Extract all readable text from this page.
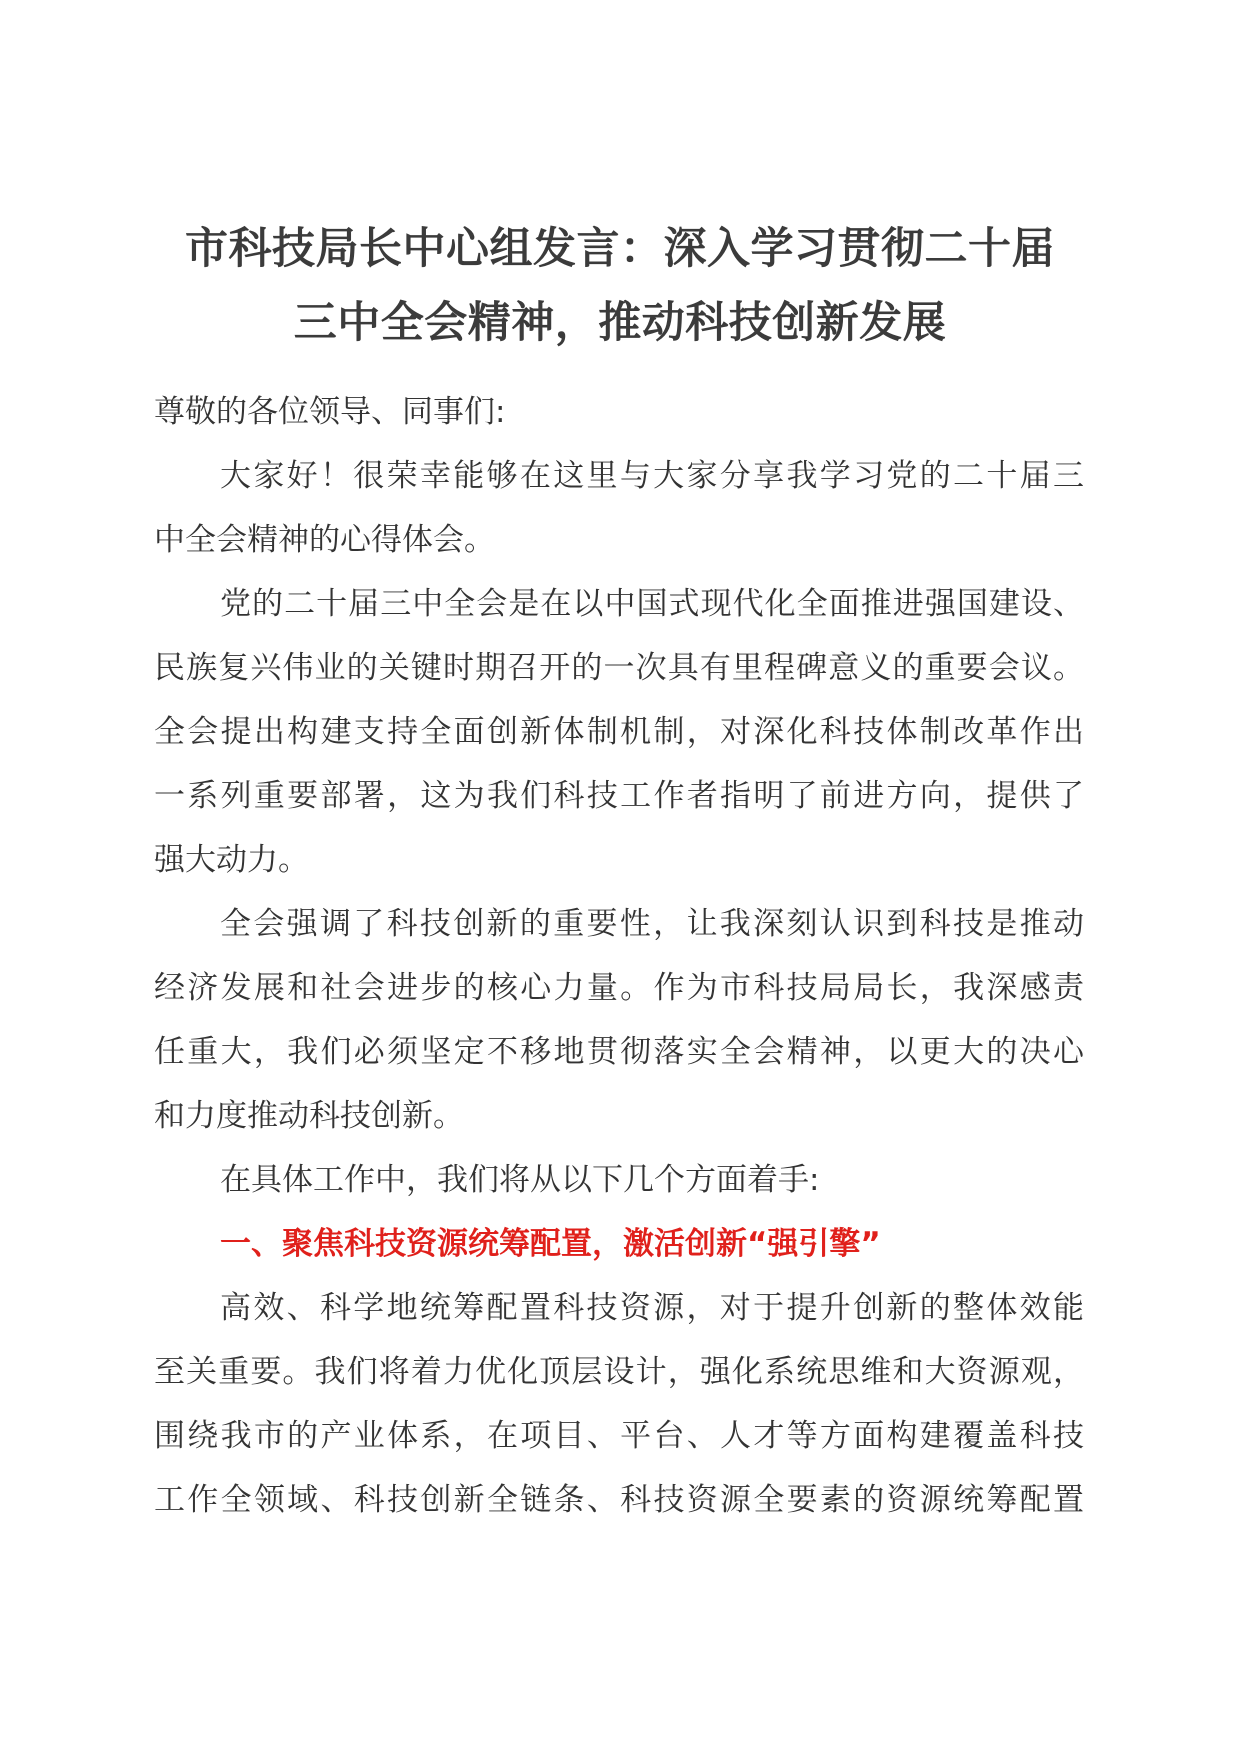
市科技局长中心组发言：深入学习贯彻二十届
三中全会精神，推动科技创新发展

尊敬的各位领导、同事们:

大家好！很荣幸能够在这里与大家分享我学习党的二十届三
中全会精神的心得体会。

党的二十届三中全会是在以中国式现代化全面推进强国建设、
民族复兴伟业的关键时期召开的一次具有里程碑意义的重要会议。
全会提出构建支持全面创新体制机制，对深化科技体制改革作出
一系列重要部署，这为我们科技工作者指明了前进方向，提供了
强大动力。

全会强调了科技创新的重要性，让我深刻认识到科技是推动
经济发展和社会进步的核心力量。作为市科技局局长，我深感责
任重大，我们必须坚定不移地贯彻落实全会精神，以更大的决心
和力度推动科技创新。

在具体工作中，我们将从以下几个方面着手:

一、聚焦科技资源统筹配置，激活创新“强引擎”

高效、科学地统筹配置科技资源，对于提升创新的整体效能
至关重要。我们将着力优化顶层设计，强化系统思维和大资源观，
围绕我市的产业体系，在项目、平台、人才等方面构建覆盖科技
工作全领域、科技创新全链条、科技资源全要素的资源统筹配置
